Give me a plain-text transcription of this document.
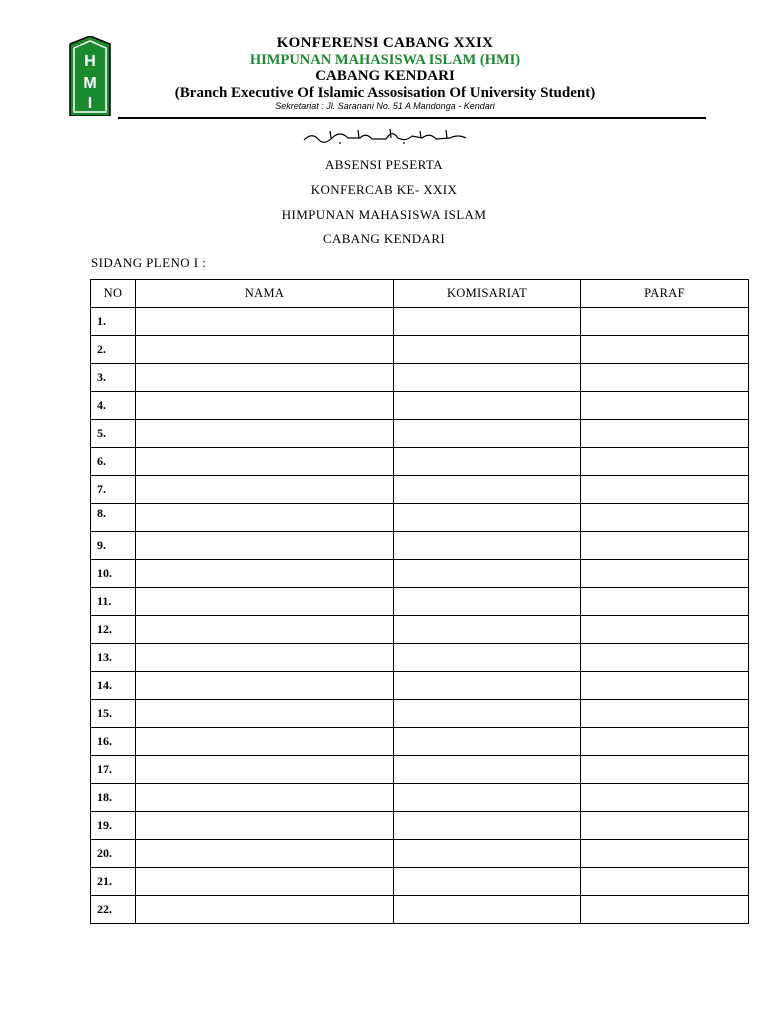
H
M
I
KONFERENSI CABANG XXIX
HIMPUNAN MAHASISWA ISLAM (HMI)
CABANG KENDARI
(Branch Executive Of Islamic Assosisation Of University Student)
Sekretariat : Jl. Saranani No. 51 A Mandonga - Kendari
ABSENSI PESERTA
KONFERCAB KE- XXIX
HIMPUNAN MAHASISWA ISLAM
CABANG KENDARI
SIDANG PLENO I :
NO	NAMA	KOMISARIAT	PARAF
1.			
2.			
3.			
4.			
5.			
6.			
7.			
8.			
9.			
10.			
11.			
12.			
13.			
14.			
15.			
16.			
17.			
18.			
19.			
20.			
21.			
22.			
